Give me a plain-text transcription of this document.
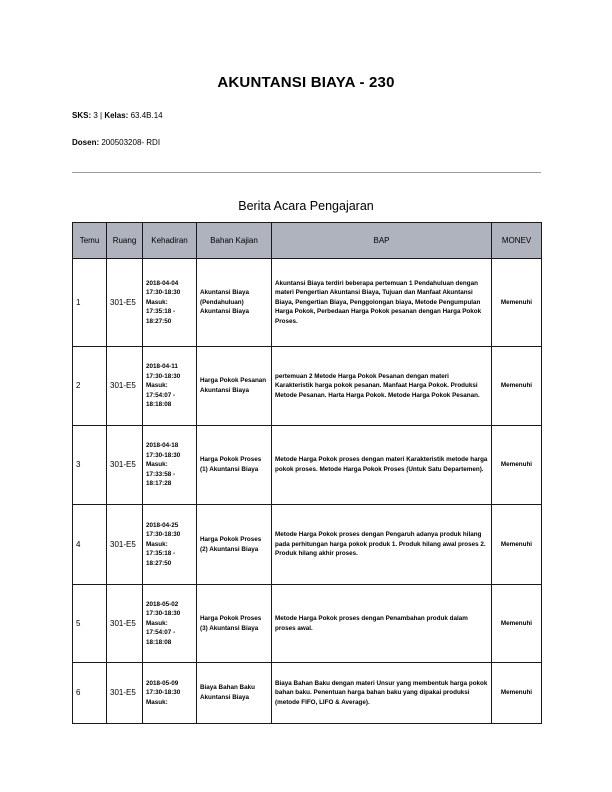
AKUNTANSI BIAYA - 230
SKS: 3 | Kelas: 63.4B.14
Dosen: 200503208- RDI
Berita Acara Pengajaran
Temu	Ruang	Kehadiran	Bahan Kajian	BAP	MONEV
1	301-E5	2018-04-04 17:30-18:30 Masuk: 17:35:18 - 18:27:50	Akuntansi Biaya (Pendahuluan) Akuntansi Biaya	Akuntansi Biaya terdiri beberapa pertemuan 1 Pendahuluan dengan materi Pengertian Akuntansi Biaya, Tujuan dan Manfaat Akuntansi Biaya, Pengertian Biaya, Penggolongan biaya, Metode Pengumpulan Harga Pokok, Perbedaan Harga Pokok pesanan dengan Harga Pokok Proses.	Memenuhi
2	301-E5	2018-04-11 17:30-18:30 Masuk: 17:54:07 - 18:18:08	Harga Pokok Pesanan Akuntansi Biaya	pertemuan 2 Metode Harga Pokok Pesanan dengan materi Karakteristik harga pokok pesanan. Manfaat Harga Pokok. Produksi Metode Pesanan. Harta Harga Pokok. Metode Harga Pokok Pesanan.	Memenuhi
3	301-E5	2018-04-18 17:30-18:30 Masuk: 17:33:58 - 18:17:28	Harga Pokok Proses (1) Akuntansi Biaya	Metode Harga Pokok proses dengan materi Karakteristik metode harga pokok proses. Metode Harga Pokok Proses (Untuk Satu Departemen).	Memenuhi
4	301-E5	2018-04-25 17:30-18:30 Masuk: 17:35:18 - 18:27:50	Harga Pokok Proses (2) Akuntansi Biaya	Metode Harga Pokok proses dengan Pengaruh adanya produk hilang pada perhitungan harga pokok produk 1. Produk hilang awal proses 2. Produk hilang akhir proses.	Memenuhi
5	301-E5	2018-05-02 17:30-18:30 Masuk: 17:54:07 - 18:18:08	Harga Pokok Proses (3) Akuntansi Biaya	Metode Harga Pokok proses dengan Penambahan produk dalam proses awal.	Memenuhi
6	301-E5	2018-05-09 17:30-18:30 Masuk:	Biaya Bahan Baku Akuntansi Biaya	Biaya Bahan Baku dengan materi Unsur yang membentuk harga pokok bahan baku. Penentuan harga bahan baku yang dipakai produksi (metode FIFO, LIFO & Average).	Memenuhi
